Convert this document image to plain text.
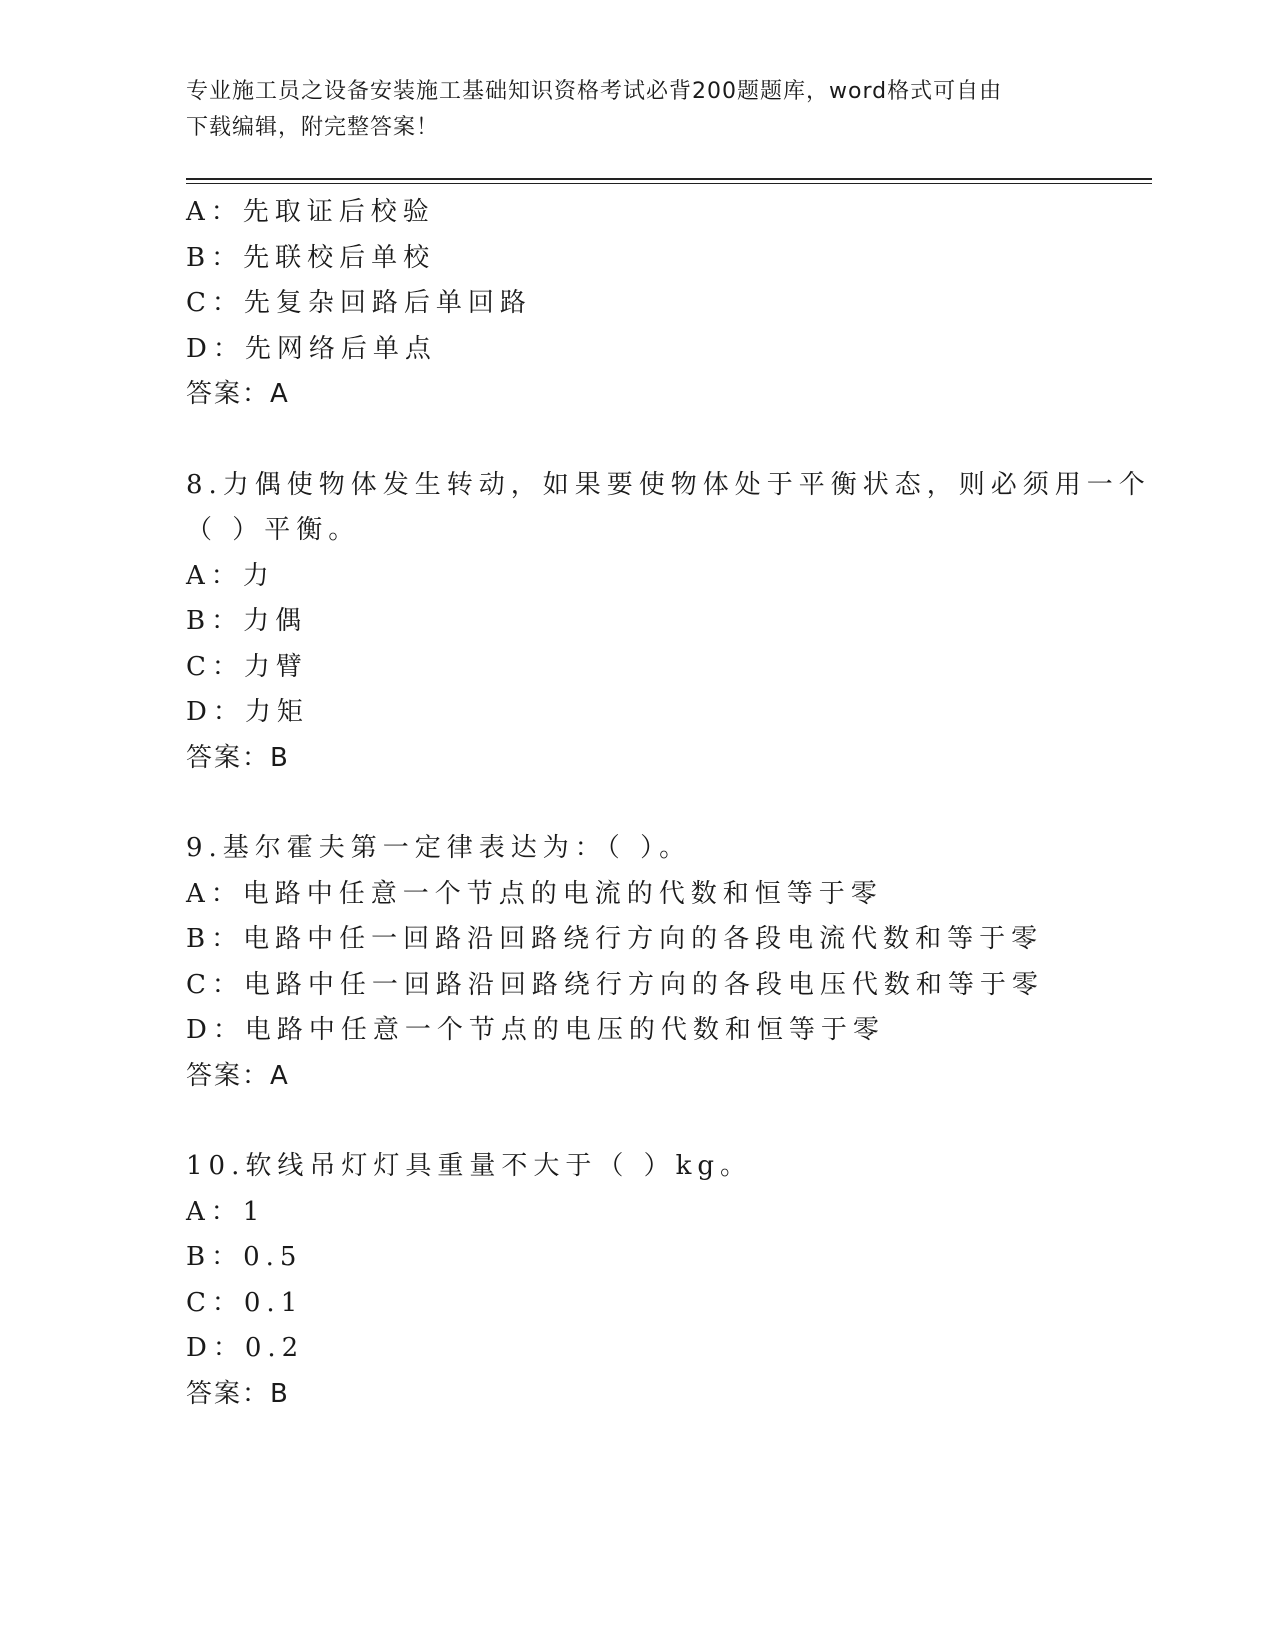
专业施工员之设备安装施工基础知识资格考试必背200题题库，word格式可自由
下载编辑，附完整答案！
A：先取证后校验
B：先联校后单校
C：先复杂回路后单回路
D：先网络后单点
答案：A
8.力偶使物体发生转动，如果要使物体处于平衡状态，则必须用一个
（ ）平衡。
A：力
B：力偶
C：力臂
D：力矩
答案：B
9.基尔霍夫第一定律表达为：（ ）。
A：电路中任意一个节点的电流的代数和恒等于零
B：电路中任一回路沿回路绕行方向的各段电流代数和等于零
C：电路中任一回路沿回路绕行方向的各段电压代数和等于零
D：电路中任意一个节点的电压的代数和恒等于零
答案：A
10.软线吊灯灯具重量不大于（ ）kg。
A：1
B：0.5
C：0.1
D：0.2
答案：B
